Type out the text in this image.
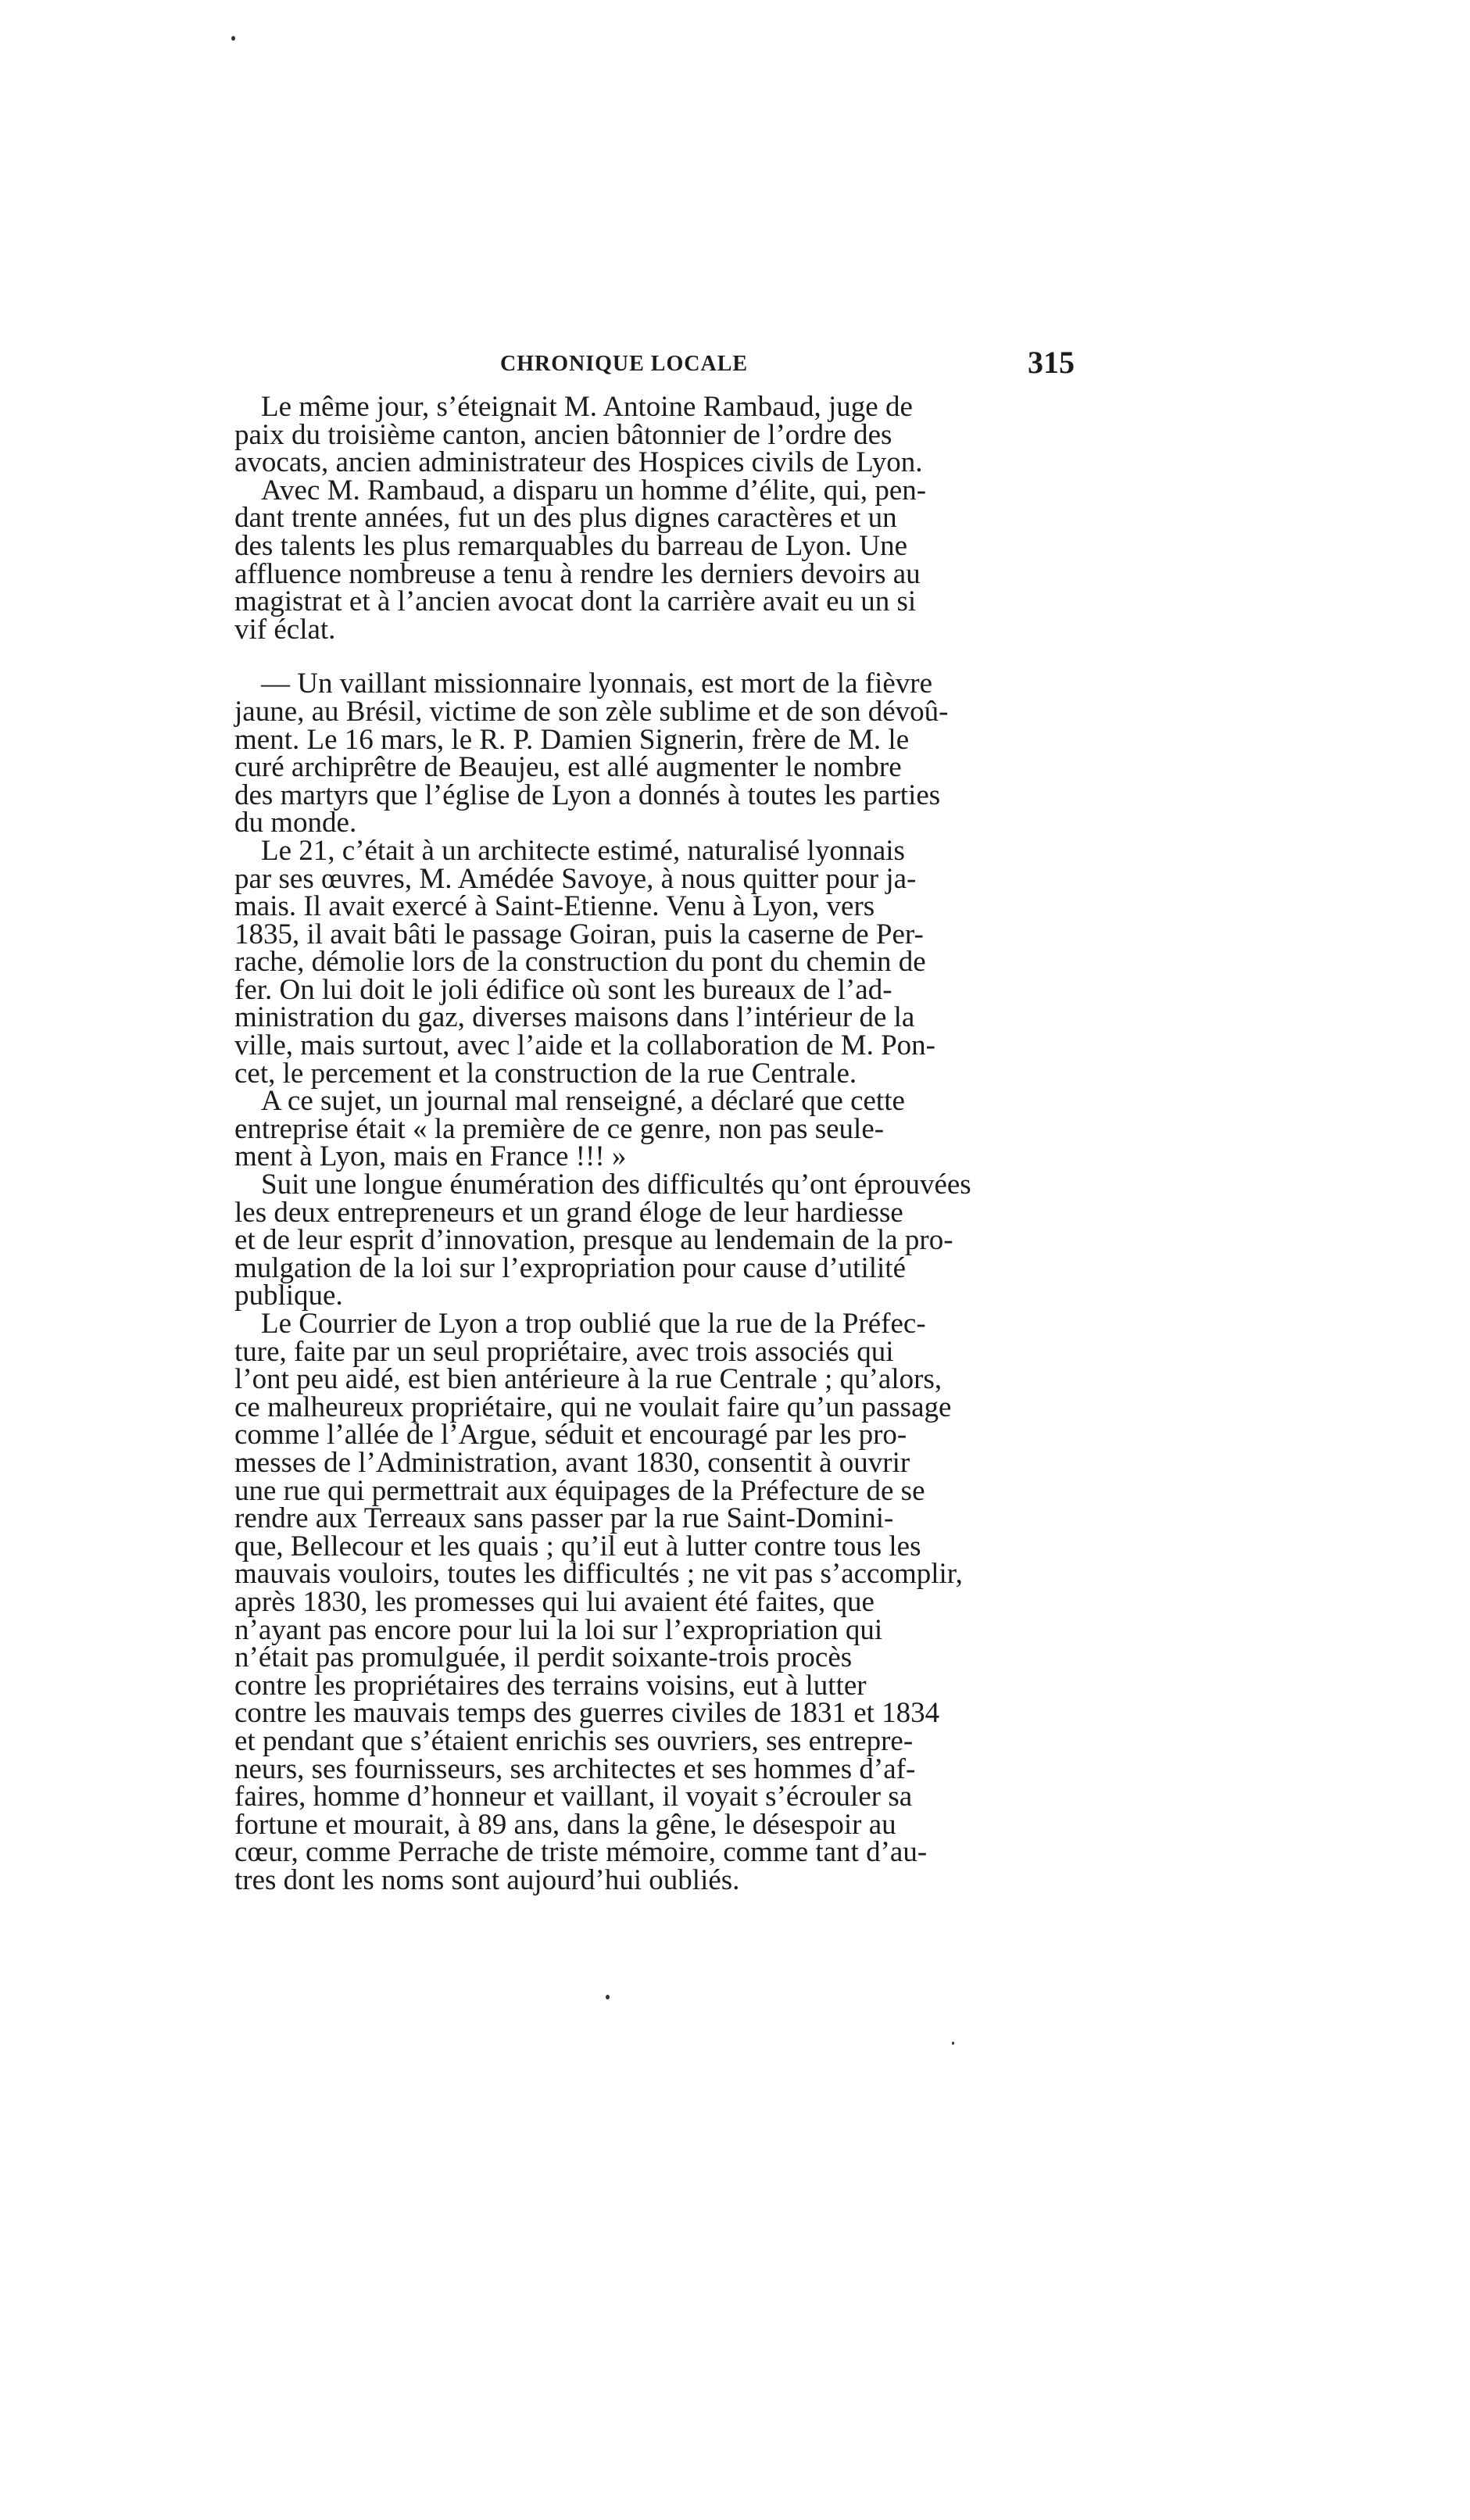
CHRONIQUE LOCALE	315
Le même jour, s’éteignait M. Antoine Rambaud, juge de
paix du troisième canton, ancien bâtonnier de l’ordre des
avocats, ancien administrateur des Hospices civils de Lyon.
Avec M. Rambaud, a disparu un homme d’élite, qui, pen-
dant trente années, fut un des plus dignes caractères et un
des talents les plus remarquables du barreau de Lyon. Une
affluence nombreuse a tenu à rendre les derniers devoirs au
magistrat et à l’ancien avocat dont la carrière avait eu un si
vif éclat.
— Un vaillant missionnaire lyonnais, est mort de la fièvre
jaune, au Brésil, victime de son zèle sublime et de son dévoû-
ment. Le 16 mars, le R. P. Damien Signerin, frère de M. le
curé archiprêtre de Beaujeu, est allé augmenter le nombre
des martyrs que l’église de Lyon a donnés à toutes les parties
du monde.
Le 21, c’était à un architecte estimé, naturalisé lyonnais
par ses œuvres, M. Amédée Savoye, à nous quitter pour ja-
mais. Il avait exercé à Saint-Etienne. Venu à Lyon, vers
1835, il avait bâti le passage Goiran, puis la caserne de Per-
rache, démolie lors de la construction du pont du chemin de
fer. On lui doit le joli édifice où sont les bureaux de l’ad-
ministration du gaz, diverses maisons dans l’intérieur de la
ville, mais surtout, avec l’aide et la collaboration de M. Pon-
cet, le percement et la construction de la rue Centrale.
A ce sujet, un journal mal renseigné, a déclaré que cette
entreprise était « la première de ce genre, non pas seule-
ment à Lyon, mais en France !!! »
Suit une longue énumération des difficultés qu’ont éprouvées
les deux entrepreneurs et un grand éloge de leur hardiesse
et de leur esprit d’innovation, presque au lendemain de la pro-
mulgation de la loi sur l’expropriation pour cause d’utilité
publique.
Le Courrier de Lyon a trop oublié que la rue de la Préfec-
ture, faite par un seul propriétaire, avec trois associés qui
l’ont peu aidé, est bien antérieure à la rue Centrale ; qu’alors,
ce malheureux propriétaire, qui ne voulait faire qu’un passage
comme l’allée de l’Argue, séduit et encouragé par les pro-
messes de l’Administration, avant 1830, consentit à ouvrir
une rue qui permettrait aux équipages de la Préfecture de se
rendre aux Terreaux sans passer par la rue Saint-Domini-
que, Bellecour et les quais ; qu’il eut à lutter contre tous les
mauvais vouloirs, toutes les difficultés ; ne vit pas s’accomplir,
après 1830, les promesses qui lui avaient été faites, que
n’ayant pas encore pour lui la loi sur l’expropriation qui
n’était pas promulguée, il perdit soixante-trois procès
contre les propriétaires des terrains voisins, eut à lutter
contre les mauvais temps des guerres civiles de 1831 et 1834
et pendant que s’étaient enrichis ses ouvriers, ses entrepre-
neurs, ses fournisseurs, ses architectes et ses hommes d’af-
faires, homme d’honneur et vaillant, il voyait s’écrouler sa
fortune et mourait, à 89 ans, dans la gêne, le désespoir au
cœur, comme Perrache de triste mémoire, comme tant d’au-
tres dont les noms sont aujourd’hui oubliés.
